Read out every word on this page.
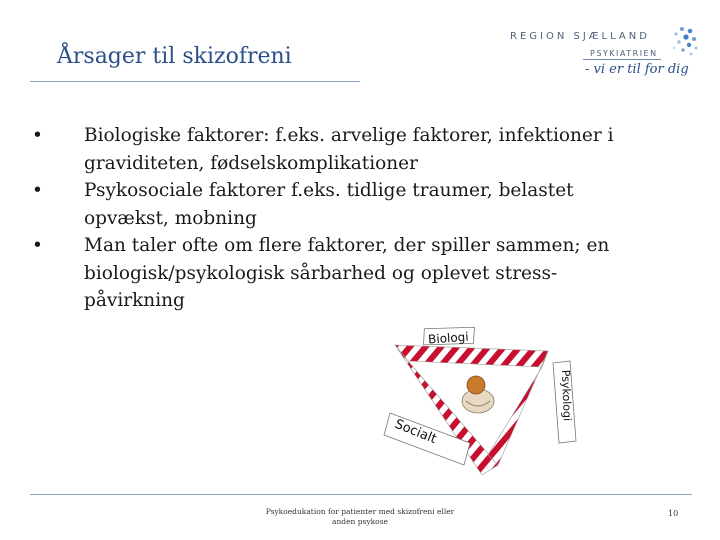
Årsager til skizofreni
REGION SJÆLLAND
PSYKIATRIEN
- vi er til for dig
•	Biologiske faktorer: f.eks. arvelige faktorer, infektioner i graviditeten, fødselskomplikationer
•	Psykosociale faktorer f.eks. tidlige traumer, belastet opvækst, mobning
•	Man taler ofte om flere faktorer, der spiller sammen; en biologisk/psykologisk sårbarhed og oplevet stress-påvirkning
Biologi
Psykologi
Socialt
Psykoedukation for patienter med skizofreni eller anden psykose
10
